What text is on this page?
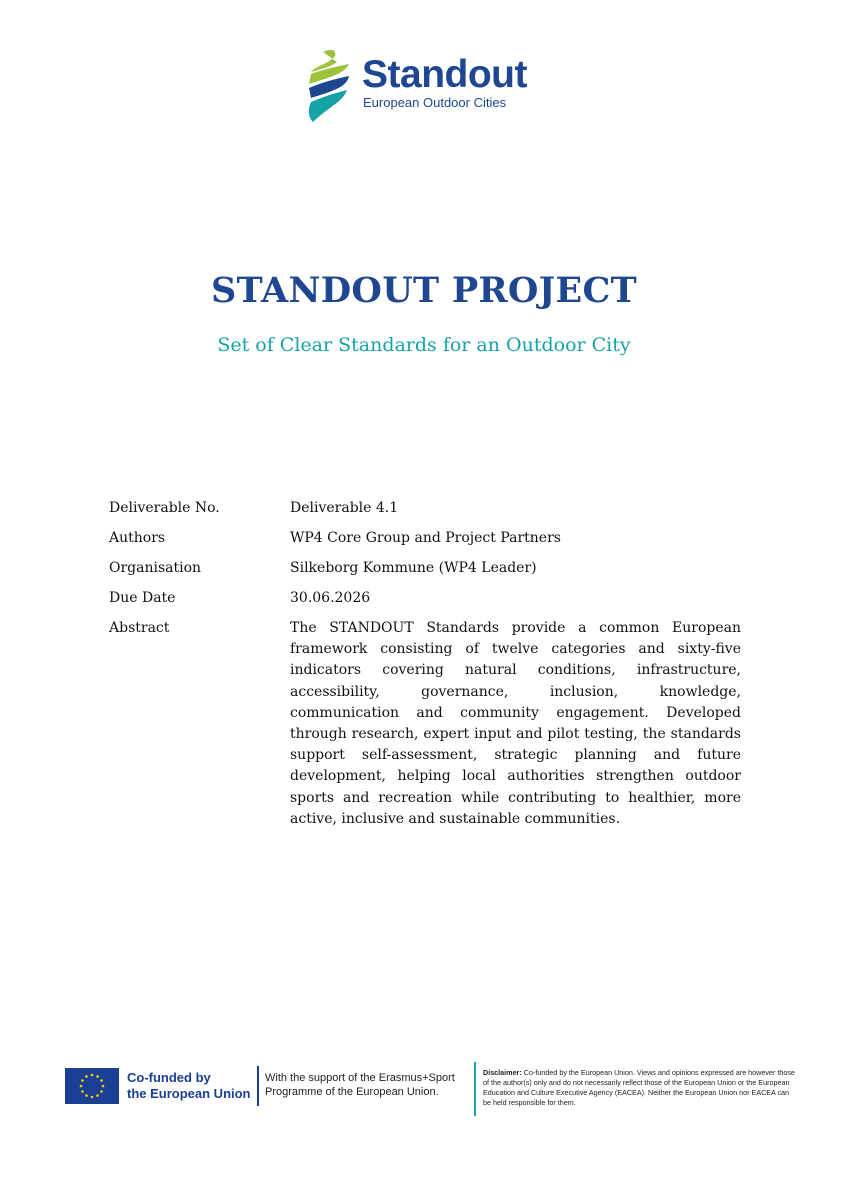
Standout
European Outdoor Cities
STANDOUT PROJECT
Set of Clear Standards for an Outdoor City
Deliverable No.	Deliverable 4.1
Authors	WP4 Core Group and Project Partners
Organisation	Silkeborg Kommune (WP4 Leader)
Due Date	30.06.2026
Abstract	The STANDOUT Standards provide a common European framework consisting of twelve categories and sixty-five indicators covering natural conditions, infrastructure, accessibility, governance, inclusion, knowledge, communication and community engagement. Developed through research, expert input and pilot testing, the standards support self-assessment, strategic planning and future development, helping local authorities strengthen outdoor sports and recreation while contributing to healthier, more active, inclusive and sustainable communities.
Co-funded by
the European Union
With the support of the Erasmus+Sport
Programme of the European Union.
Disclaimer: Co-funded by the European Union. Views and opinions expressed are however those of the author(s) only and do not necessarily reflect those of the European Union or the European Education and Culture Executive Agency (EACEA). Neither the European Union nor EACEA can be held responsible for them.
